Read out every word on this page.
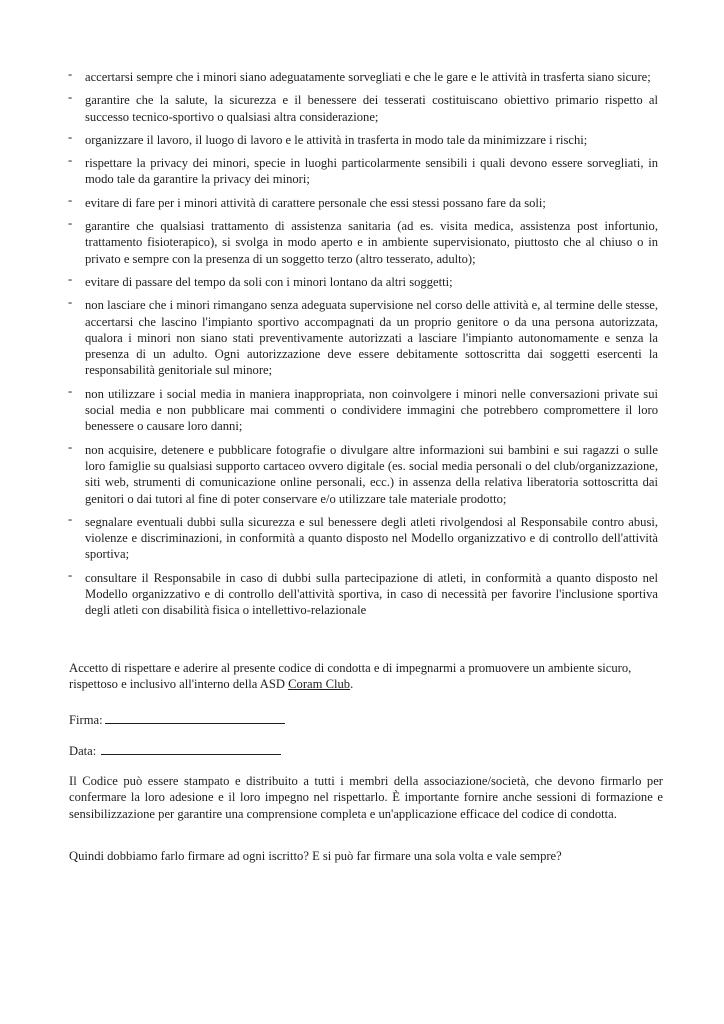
- accertarsi sempre che i minori siano adeguatamente sorvegliati e che le gare e le attività in trasferta siano sicure;
- garantire che la salute, la sicurezza e il benessere dei tesserati costituiscano obiettivo primario rispetto al successo tecnico-sportivo o qualsiasi altra considerazione;
- organizzare il lavoro, il luogo di lavoro e le attività in trasferta in modo tale da minimizzare i rischi;
- rispettare la privacy dei minori, specie in luoghi particolarmente sensibili i quali devono essere sorvegliati, in modo tale da garantire la privacy dei minori;
- evitare di fare per i minori attività di carattere personale che essi stessi possano fare da soli;
- garantire che qualsiasi trattamento di assistenza sanitaria (ad es. visita medica, assistenza post infortunio, trattamento fisioterapico), si svolga in modo aperto e in ambiente supervisionato, piuttosto che al chiuso o in privato e sempre con la presenza di un soggetto terzo (altro tesserato, adulto);
- evitare di passare del tempo da soli con i minori lontano da altri soggetti;
- non lasciare che i minori rimangano senza adeguata supervisione nel corso delle attività e, al termine delle stesse, accertarsi che lascino l'impianto sportivo accompagnati da un proprio genitore o da una persona autorizzata, qualora i minori non siano stati preventivamente autorizzati a lasciare l'impianto autonomamente e senza la presenza di un adulto. Ogni autorizzazione deve essere debitamente sottoscritta dai soggetti esercenti la responsabilità genitoriale sul minore;
- non utilizzare i social media in maniera inappropriata, non coinvolgere i minori nelle conversazioni private sui social media e non pubblicare mai commenti o condividere immagini che potrebbero compromettere il loro benessere o causare loro danni;
- non acquisire, detenere e pubblicare fotografie o divulgare altre informazioni sui bambini e sui ragazzi o sulle loro famiglie su qualsiasi supporto cartaceo ovvero digitale (es. social media personali o del club/organizzazione, siti web, strumenti di comunicazione online personali, ecc.) in assenza della relativa liberatoria sottoscritta dai genitori o dai tutori al fine di poter conservare e/o utilizzare tale materiale prodotto;
- segnalare eventuali dubbi sulla sicurezza e sul benessere degli atleti rivolgendosi al Responsabile contro abusi, violenze e discriminazioni, in conformità a quanto disposto nel Modello organizzativo e di controllo dell'attività sportiva;
- consultare il Responsabile in caso di dubbi sulla partecipazione di atleti, in conformità a quanto disposto nel Modello organizzativo e di controllo dell'attività sportiva, in caso di necessità per favorire l'inclusione sportiva degli atleti con disabilità fisica o intellettivo-relazionale

Accetto di rispettare e aderire al presente codice di condotta e di impegnarmi a promuovere un ambiente sicuro, rispettoso e inclusivo all'interno della ASD Coram Club.

Firma:

Data:

Il Codice può essere stampato e distribuito a tutti i membri della associazione/società, che devono firmarlo per confermare la loro adesione e il loro impegno nel rispettarlo. È importante fornire anche sessioni di formazione e sensibilizzazione per garantire una comprensione completa e un'applicazione efficace del codice di condotta.

Quindi dobbiamo farlo firmare ad ogni iscritto? E si può far firmare una sola volta e vale sempre?
